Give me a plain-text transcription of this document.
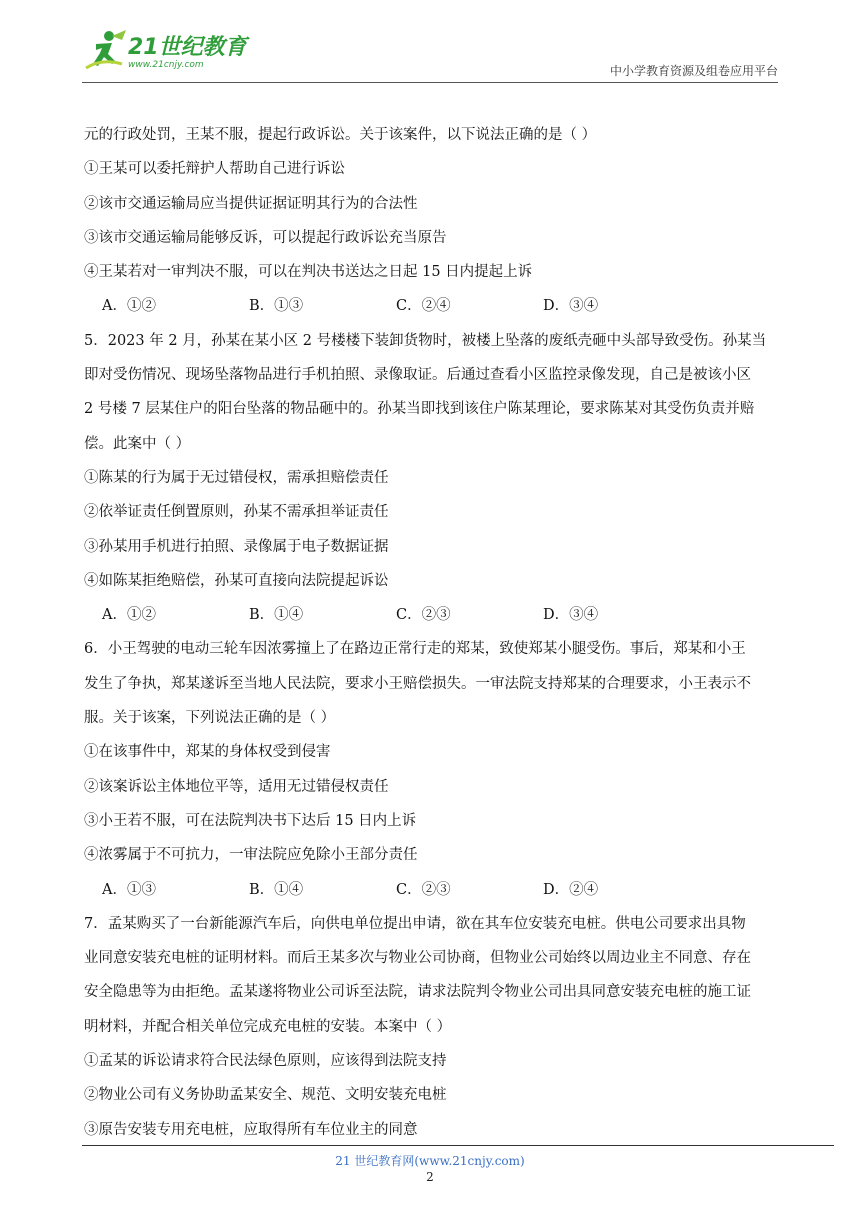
21世纪教育
www.21cnjy.com	中小学教育资源及组卷应用平台
元的行政处罚，王某不服，提起行政诉讼。关于该案件，以下说法正确的是（ ）
①王某可以委托辩护人帮助自己进行诉讼
②该市交通运输局应当提供证据证明其行为的合法性
③该市交通运输局能够反诉，可以提起行政诉讼充当原告
④王某若对一审判决不服，可以在判决书送达之日起 15 日内提起上诉
A．①②	B．①③	C．②④	D．③④
5．2023 年 2 月，孙某在某小区 2 号楼楼下装卸货物时，被楼上坠落的废纸壳砸中头部导致受伤。孙某当
即对受伤情况、现场坠落物品进行手机拍照、录像取证。后通过查看小区监控录像发现，自己是被该小区
2 号楼 7 层某住户的阳台坠落的物品砸中的。孙某当即找到该住户陈某理论，要求陈某对其受伤负责并赔
偿。此案中（ ）
①陈某的行为属于无过错侵权，需承担赔偿责任
②依举证责任倒置原则，孙某不需承担举证责任
③孙某用手机进行拍照、录像属于电子数据证据
④如陈某拒绝赔偿，孙某可直接向法院提起诉讼
A．①②	B．①④	C．②③	D．③④
6．小王驾驶的电动三轮车因浓雾撞上了在路边正常行走的郑某，致使郑某小腿受伤。事后，郑某和小王
发生了争执，郑某遂诉至当地人民法院，要求小王赔偿损失。一审法院支持郑某的合理要求，小王表示不
服。关于该案，下列说法正确的是（ ）
①在该事件中，郑某的身体权受到侵害
②该案诉讼主体地位平等，适用无过错侵权责任
③小王若不服，可在法院判决书下达后 15 日内上诉
④浓雾属于不可抗力，一审法院应免除小王部分责任
A．①③	B．①④	C．②③	D．②④
7．孟某购买了一台新能源汽车后，向供电单位提出申请，欲在其车位安装充电桩。供电公司要求出具物
业同意安装充电桩的证明材料。而后王某多次与物业公司协商，但物业公司始终以周边业主不同意、存在
安全隐患等为由拒绝。孟某遂将物业公司诉至法院，请求法院判令物业公司出具同意安装充电桩的施工证
明材料，并配合相关单位完成充电桩的安装。本案中（ ）
①孟某的诉讼请求符合民法绿色原则，应该得到法院支持
②物业公司有义务协助孟某安全、规范、文明安装充电桩
③原告安装专用充电桩，应取得所有车位业主的同意
21 世纪教育网(www.21cnjy.com)
2
